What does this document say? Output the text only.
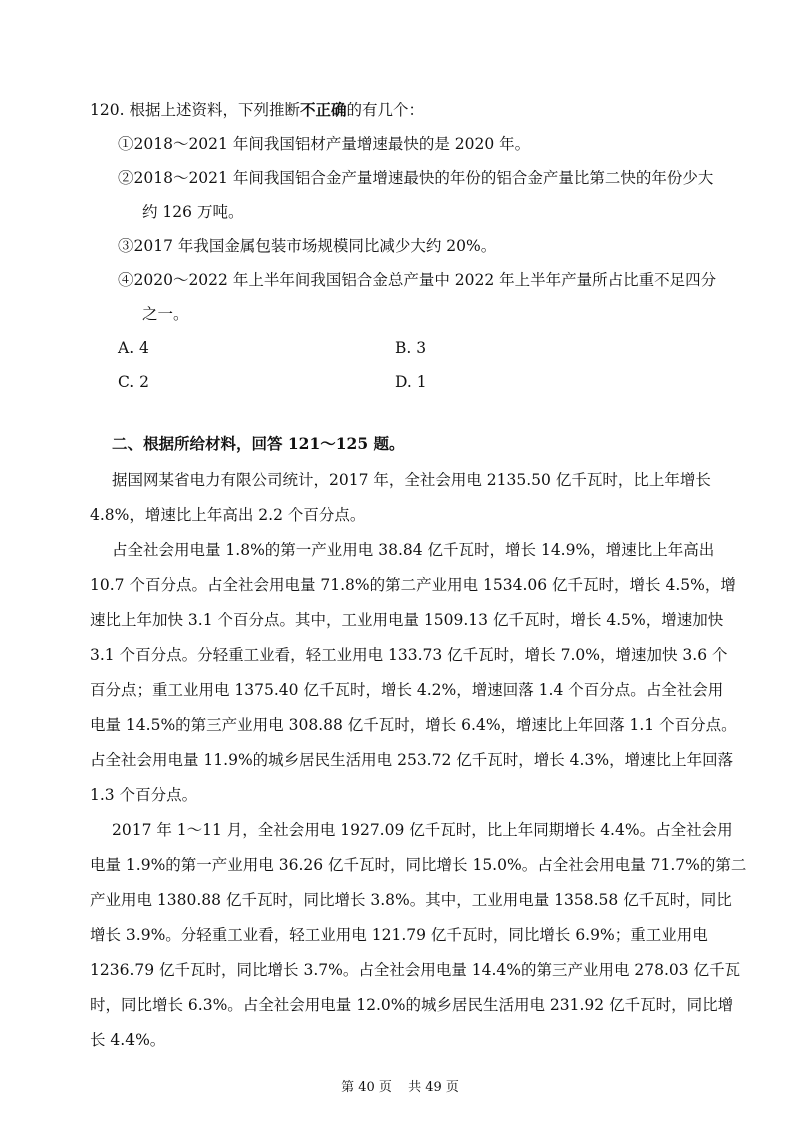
120. 根据上述资料，下列推断不正确的有几个：
①2018～2021 年间我国铝材产量增速最快的是 2020 年。
②2018～2021 年间我国铝合金产量增速最快的年份的铝合金产量比第二快的年份少大
约 126 万吨。
③2017 年我国金属包装市场规模同比减少大约 20%。
④2020～2022 年上半年间我国铝合金总产量中 2022 年上半年产量所占比重不足四分
之一。
A. 4	B. 3
C. 2	D. 1
二、根据所给材料，回答 121～125 题。
据国网某省电力有限公司统计，2017 年，全社会用电 2135.50 亿千瓦时，比上年增长
4.8%，增速比上年高出 2.2 个百分点。
占全社会用电量 1.8%的第一产业用电 38.84 亿千瓦时，增长 14.9%，增速比上年高出
10.7 个百分点。占全社会用电量 71.8%的第二产业用电 1534.06 亿千瓦时，增长 4.5%，增
速比上年加快 3.1 个百分点。其中，工业用电量 1509.13 亿千瓦时，增长 4.5%，增速加快
3.1 个百分点。分轻重工业看，轻工业用电 133.73 亿千瓦时，增长 7.0%，增速加快 3.6 个
百分点；重工业用电 1375.40 亿千瓦时，增长 4.2%，增速回落 1.4 个百分点。占全社会用
电量 14.5%的第三产业用电 308.88 亿千瓦时，增长 6.4%，增速比上年回落 1.1 个百分点。
占全社会用电量 11.9%的城乡居民生活用电 253.72 亿千瓦时，增长 4.3%，增速比上年回落
1.3 个百分点。
2017 年 1～11 月，全社会用电 1927.09 亿千瓦时，比上年同期增长 4.4%。占全社会用
电量 1.9%的第一产业用电 36.26 亿千瓦时，同比增长 15.0%。占全社会用电量 71.7%的第二
产业用电 1380.88 亿千瓦时，同比增长 3.8%。其中，工业用电量 1358.58 亿千瓦时，同比
增长 3.9%。分轻重工业看，轻工业用电 121.79 亿千瓦时，同比增长 6.9%；重工业用电
1236.79 亿千瓦时，同比增长 3.7%。占全社会用电量 14.4%的第三产业用电 278.03 亿千瓦
时，同比增长 6.3%。占全社会用电量 12.0%的城乡居民生活用电 231.92 亿千瓦时，同比增
长 4.4%。
第 40 页 共 49 页
